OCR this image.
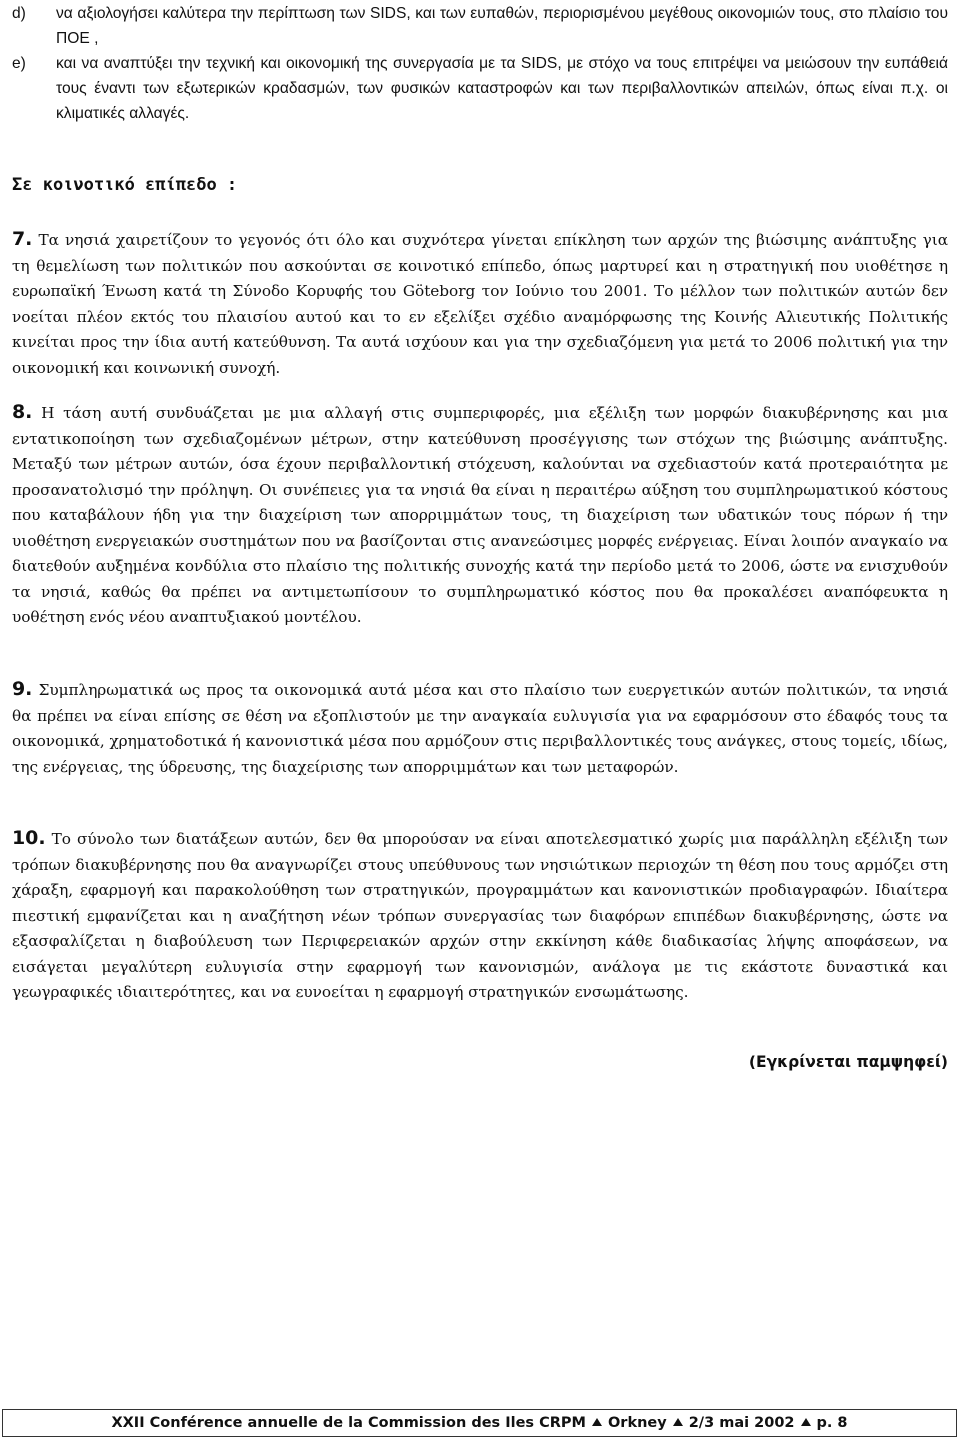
d) να αξιολογήσει καλύτερα την περίπτωση των SIDS, και των ευπαθών, περιορισμένου μεγέθους οικονομιών τους, στο πλαίσιο του ΠΟΕ ,
e) και να αναπτύξει την τεχνική και οικονομική της συνεργασία με τα SIDS, με στόχο να τους επιτρέψει να μειώσουν την ευπάθειά τους έναντι των εξωτερικών κραδασμών, των φυσικών καταστροφών και των περιβαλλοντικών απειλών, όπως είναι π.χ. οι κλιματικές αλλαγές.
Σε κοινοτικό επίπεδο :
7. Τα νησιά χαιρετίζουν το γεγονός ότι όλο και συχνότερα γίνεται επίκληση των αρχών της βιώσιμης ανάπτυξης για τη θεμελίωση των πολιτικών που ασκούνται σε κοινοτικό επίπεδο, όπως μαρτυρεί και η στρατηγική που υιοθέτησε η ευρωπαϊκή Ένωση κατά τη Σύνοδο Κορυφής του Göteborg τον Ιούνιο του 2001. Το μέλλον των πολιτικών αυτών δεν νοείται πλέον εκτός του πλαισίου αυτού και το εν εξελίξει σχέδιο αναμόρφωσης της Κοινής Αλιευτικής Πολιτικής κινείται προς την ίδια αυτή κατεύθυνση. Τα αυτά ισχύουν και για την σχεδιαζόμενη για μετά το 2006 πολιτική για την οικονομική και κοινωνική συνοχή.
8. Η τάση αυτή συνδυάζεται με μια αλλαγή στις συμπεριφορές, μια εξέλιξη των μορφών διακυβέρνησης και μια εντατικοποίηση των σχεδιαζομένων μέτρων, στην κατεύθυνση προσέγγισης των στόχων της βιώσιμης ανάπτυξης. Μεταξύ των μέτρων αυτών, όσα έχουν περιβαλλοντική στόχευση, καλούνται να σχεδιαστούν κατά προτεραιότητα με προσανατολισμό την πρόληψη. Οι συνέπειες για τα νησιά θα είναι η περαιτέρω αύξηση του συμπληρωματικού κόστους που καταβάλουν ήδη για την διαχείριση των απορριμμάτων τους, τη διαχείριση των υδατικών τους πόρων ή την υιοθέτηση ενεργειακών συστημάτων που να βασίζονται στις ανανεώσιμες μορφές ενέργειας. Είναι λοιπόν αναγκαίο να διατεθούν αυξημένα κονδύλια στο πλαίσιο της πολιτικής συνοχής κατά την περίοδο μετά το 2006, ώστε να ενισχυθούν τα νησιά, καθώς θα πρέπει να αντιμετωπίσουν το συμπληρωματικό κόστος που θα προκαλέσει αναπόφευκτα η υοθέτηση ενός νέου αναπτυξιακού μοντέλου.
9. Συμπληρωματικά ως προς τα οικονομικά αυτά μέσα και στο πλαίσιο των ευεργετικών αυτών πολιτικών, τα νησιά θα πρέπει να είναι επίσης σε θέση να εξοπλιστούν με την αναγκαία ευλυγισία για να εφαρμόσουν στο έδαφός τους τα οικονομικά, χρηματοδοτικά ή κανονιστικά μέσα που αρμόζουν στις περιβαλλοντικές τους ανάγκες, στους τομείς, ιδίως, της ενέργειας, της ύδρευσης, της διαχείρισης των απορριμμάτων και των μεταφορών.
10. Το σύνολο των διατάξεων αυτών, δεν θα μπορούσαν να είναι αποτελεσματικό χωρίς μια παράλληλη εξέλιξη των τρόπων διακυβέρνησης που θα αναγνωρίζει στους υπεύθυνους των νησιώτικων περιοχών τη θέση που τους αρμόζει στη χάραξη, εφαρμογή και παρακολούθηση των στρατηγικών, προγραμμάτων και κανονιστικών προδιαγραφών. Ιδιαίτερα πιεστική εμφανίζεται και η αναζήτηση νέων τρόπων συνεργασίας των διαφόρων επιπέδων διακυβέρνησης, ώστε να εξασφαλίζεται η διαβούλευση των Περιφερειακών αρχών στην εκκίνηση κάθε διαδικασίας λήψης αποφάσεων, να εισάγεται μεγαλύτερη ευλυγισία στην εφαρμογή των κανονισμών, ανάλογα με τις εκάστοτε δυναστικά και γεωγραφικές ιδιαιτερότητες, και να ευνοείται η εφαρμογή στρατηγικών ενσωμάτωσης.
(Εγκρίνεται παμψηφεί)
XXII Conférence annuelle de la Commission des Iles CRPM Orkney 2/3 mai 2002 p. 8
